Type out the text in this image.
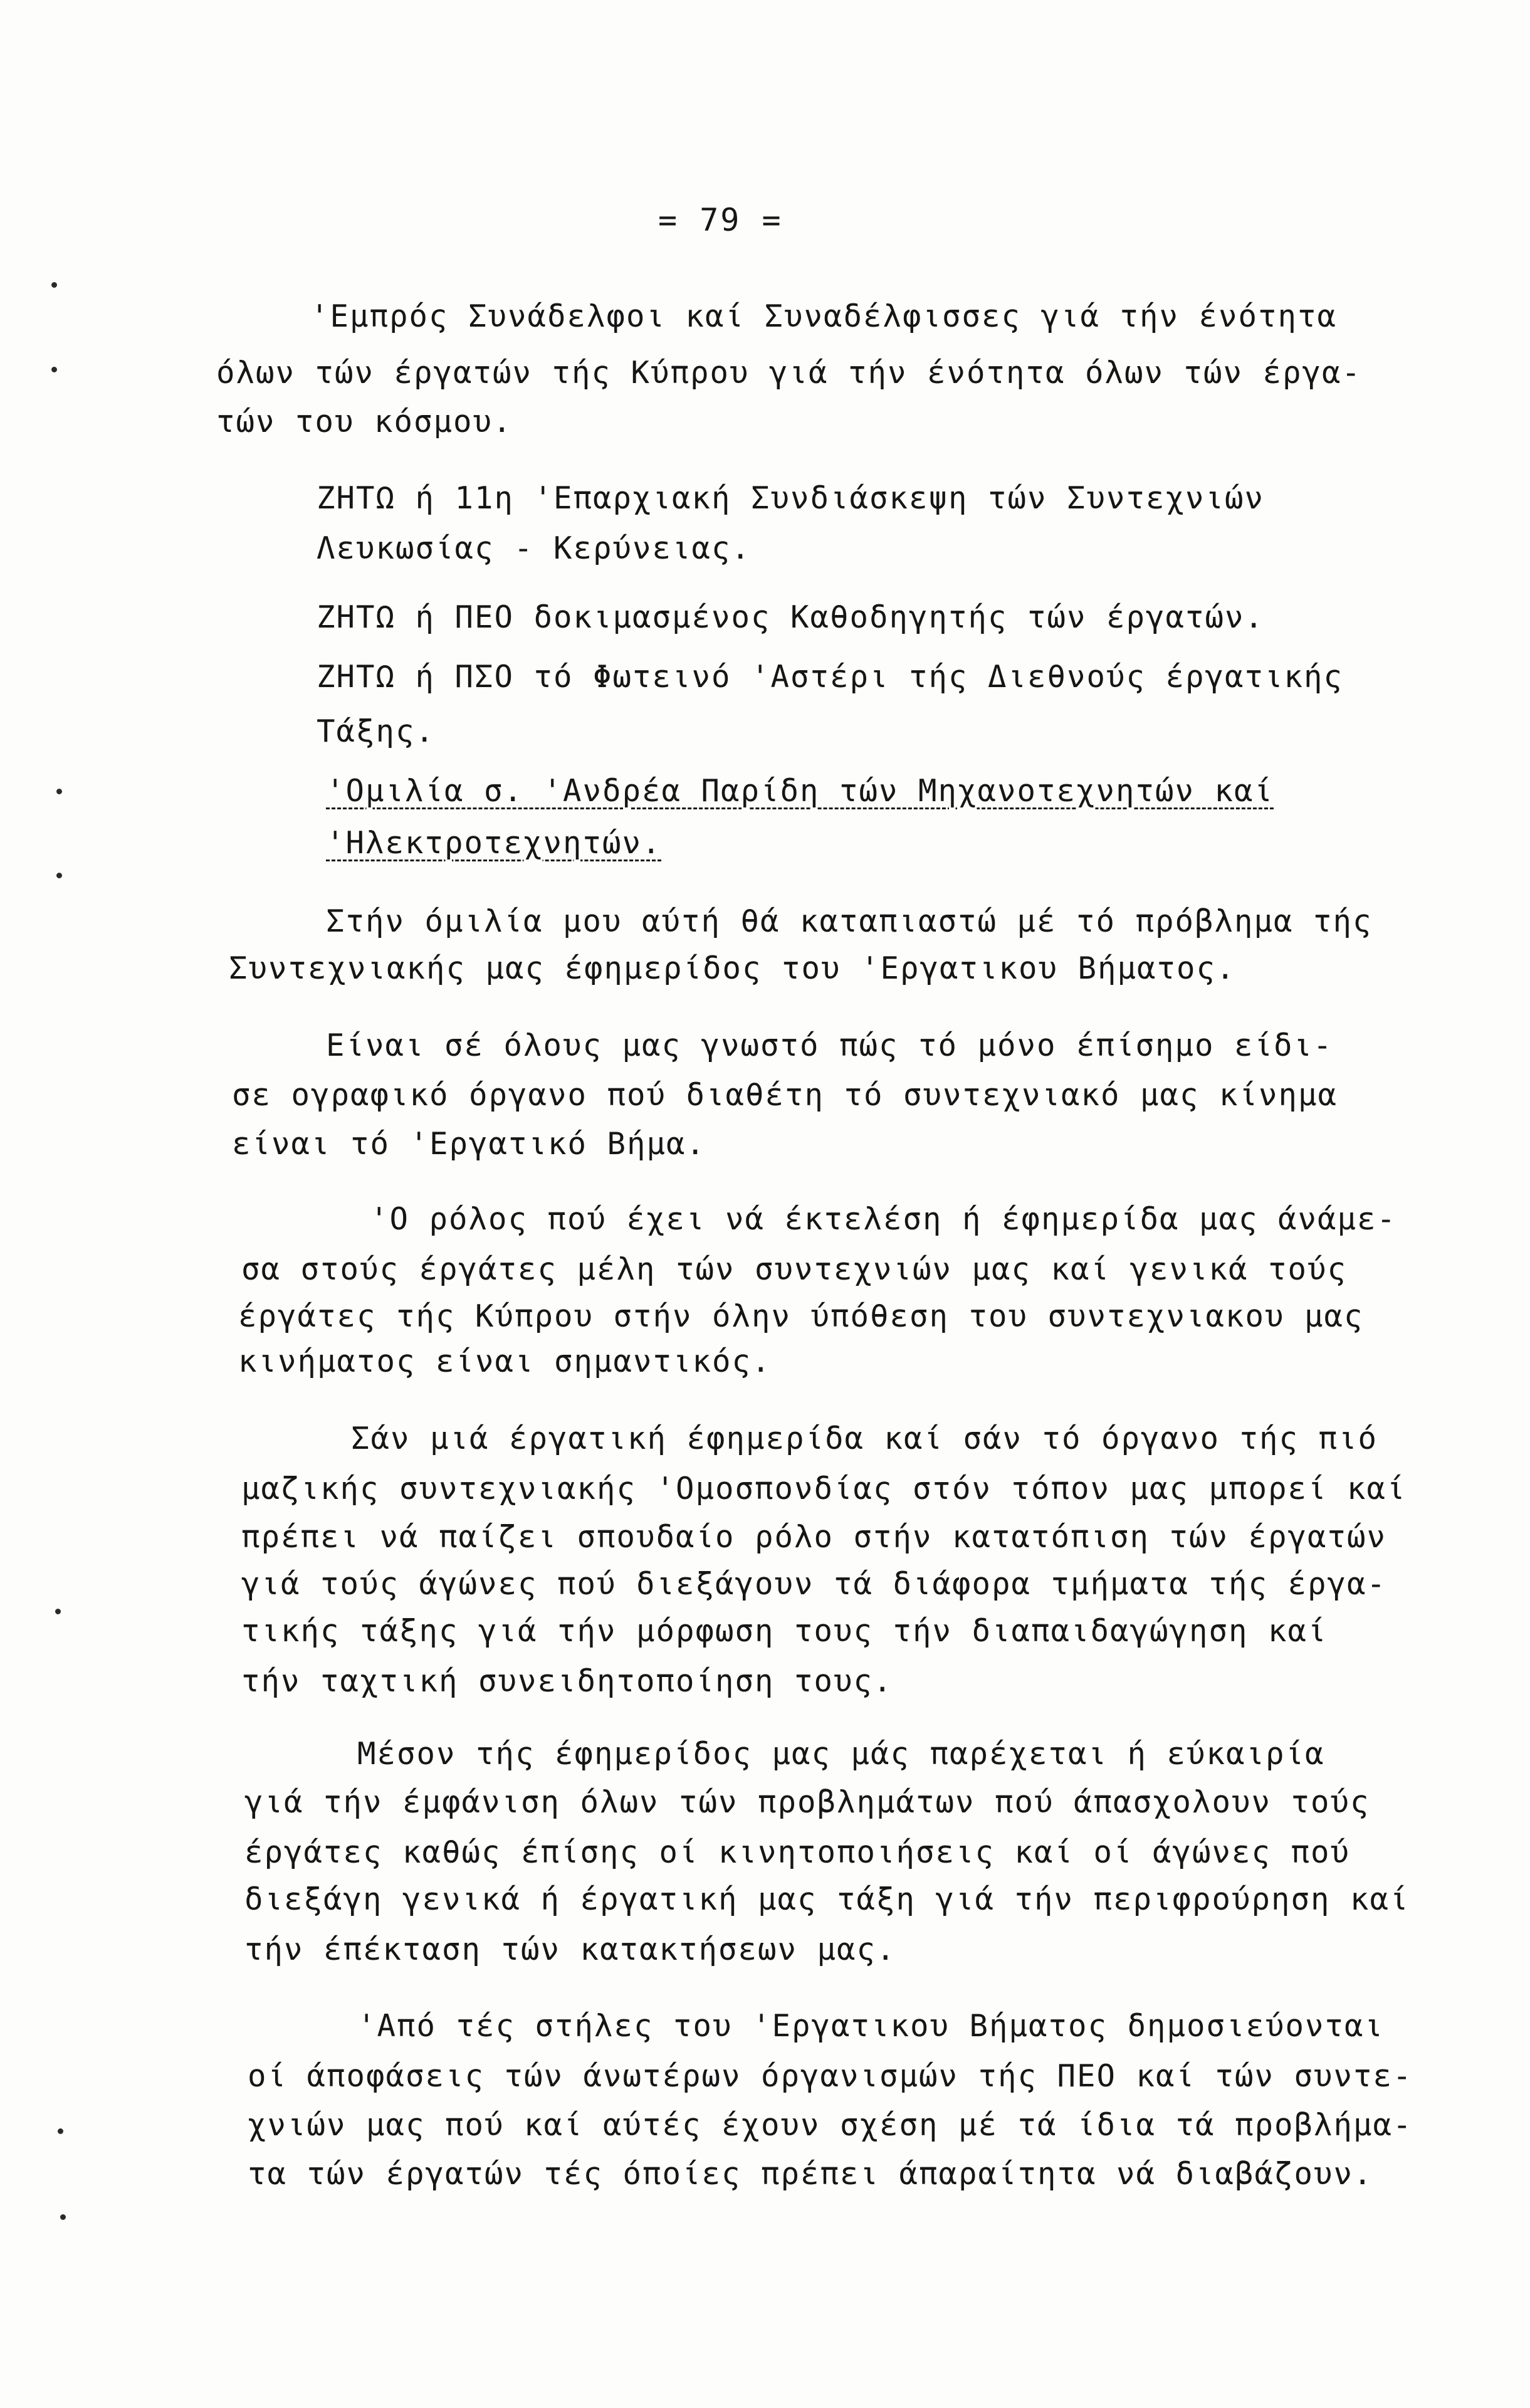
= 79 =
'Εμπρός Συνάδελφοι καί Συναδέλφισσες γιά τήν ένότητα
όλων τών έργατών τής Κύπρου γιά τήν ένότητα όλων τών έργα-
τών του κόσμου.
ΖΗΤΩ ή 11η 'Επαρχιακή Συνδιάσκεψη τών Συντεχνιών
Λευκωσίας - Κερύνειας.
ΖΗΤΩ ή ΠΕΟ δοκιμασμένος Καθοδηγητής τών έργατών.
ΖΗΤΩ ή ΠΣΟ τό Φωτεινό 'Αστέρι τής Διεθνούς έργατικής
Τάξης.
'Ομιλία σ. 'Ανδρέα Παρίδη τών Μηχανοτεχνητών καί
'Ηλεκτροτεχνητών.
Στήν όμιλία μου αύτή θά καταπιαστώ μέ τό πρόβλημα τής
Συντεχνιακής μας έφημερίδος του 'Εργατικου Βήματος.
Είναι σέ όλους μας γνωστό πώς τό μόνο έπίσημο είδι-
σε ογραφικό όργανο πού διαθέτη τό συντεχνιακό μας κίνημα
είναι τό 'Εργατικό Βήμα.
'Ο ρόλος πού έχει νά έκτελέση ή έφημερίδα μας άνάμε-
σα στούς έργάτες μέλη τών συντεχνιών μας καί γενικά τούς
έργάτες τής Κύπρου στήν όλην ύπόθεση του συντεχνιακου μας
κινήματος είναι σημαντικός.
Σάν μιά έργατική έφημερίδα καί σάν τό όργανο τής πιό
μαζικής συντεχνιακής 'Ομοσπονδίας στόν τόπον μας μπορεί καί
πρέπει νά παίζει σπουδαίο ρόλο στήν κατατόπιση τών έργατών
γιά τούς άγώνες πού διεξάγουν τά διάφορα τμήματα τής έργα-
τικής τάξης γιά τήν μόρφωση τους τήν διαπαιδαγώγηση καί
τήν ταχτική συνειδητοποίηση τους.
Μέσον τής έφημερίδος μας μάς παρέχεται ή εύκαιρία
γιά τήν έμφάνιση όλων τών προβλημάτων πού άπασχολουν τούς
έργάτες καθώς έπίσης οί κινητοποιήσεις καί οί άγώνες πού
διεξάγη γενικά ή έργατική μας τάξη γιά τήν περιφρούρηση καί
τήν έπέκταση τών κατακτήσεων μας.
'Από τές στήλες του 'Εργατικου Βήματος δημοσιεύονται
οί άποφάσεις τών άνωτέρων όργανισμών τής ΠΕΟ καί τών συντε-
χνιών μας πού καί αύτές έχουν σχέση μέ τά ίδια τά προβλήμα-
τα τών έργατών τές όποίες πρέπει άπαραίτητα νά διαβάζουν.
